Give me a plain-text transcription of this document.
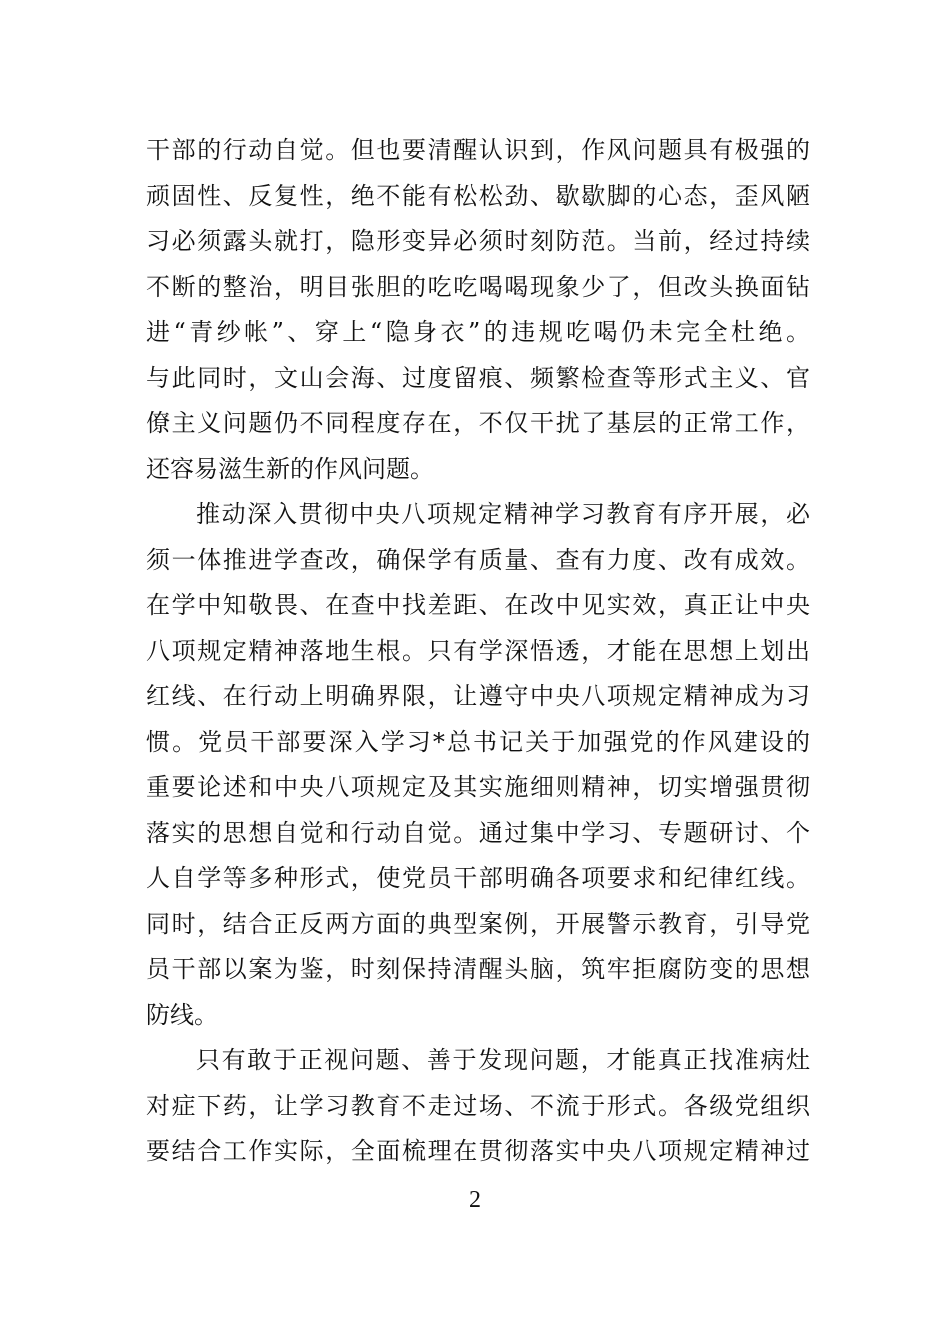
干部的行动自觉。但也要清醒认识到，作风问题具有极强的
顽固性、反复性，绝不能有松松劲、歇歇脚的心态，歪风陋
习必须露头就打，隐形变异必须时刻防范。当前，经过持续
不断的整治，明目张胆的吃吃喝喝现象少了，但改头换面钻
进“青纱帐”、穿上“隐身衣”的违规吃喝仍未完全杜绝。
与此同时，文山会海、过度留痕、频繁检查等形式主义、官
僚主义问题仍不同程度存在，不仅干扰了基层的正常工作，
还容易滋生新的作风问题。
推动深入贯彻中央八项规定精神学习教育有序开展，必
须一体推进学查改，确保学有质量、查有力度、改有成效。
在学中知敬畏、在查中找差距、在改中见实效，真正让中央
八项规定精神落地生根。只有学深悟透，才能在思想上划出
红线、在行动上明确界限，让遵守中央八项规定精神成为习
惯。党员干部要深入学习*总书记关于加强党的作风建设的
重要论述和中央八项规定及其实施细则精神，切实增强贯彻
落实的思想自觉和行动自觉。通过集中学习、专题研讨、个
人自学等多种形式，使党员干部明确各项要求和纪律红线。
同时，结合正反两方面的典型案例，开展警示教育，引导党
员干部以案为鉴，时刻保持清醒头脑，筑牢拒腐防变的思想
防线。
只有敢于正视问题、善于发现问题，才能真正找准病灶
对症下药，让学习教育不走过场、不流于形式。各级党组织
要结合工作实际，全面梳理在贯彻落实中央八项规定精神过
2
